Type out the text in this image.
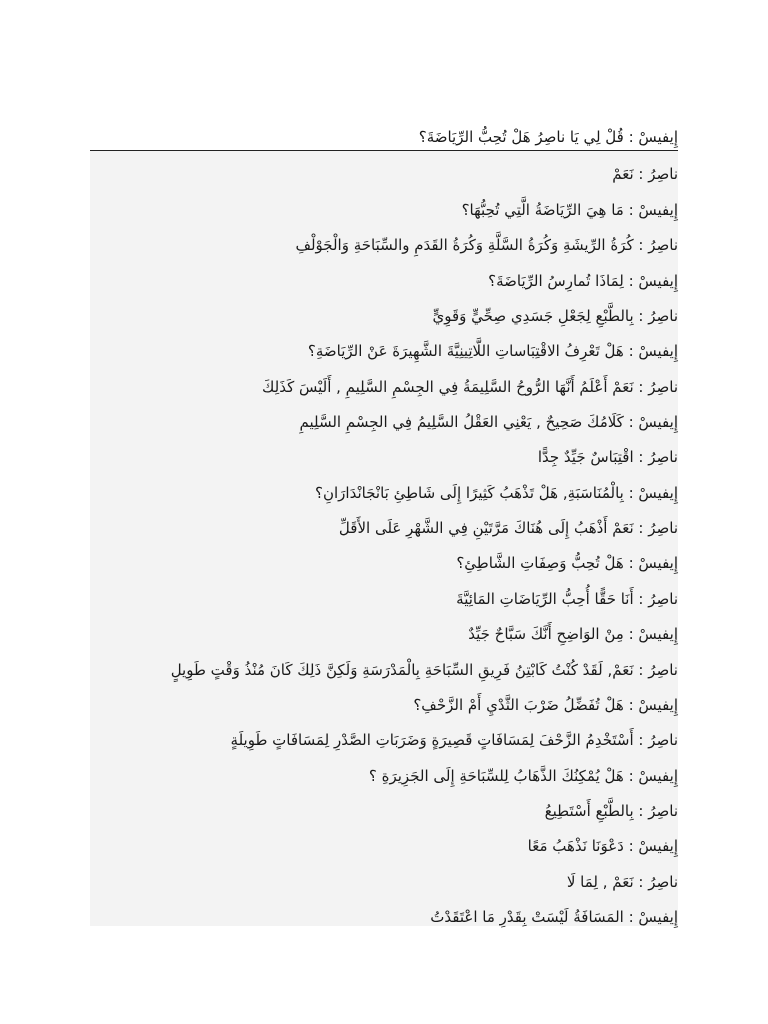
إِيفيسْ : قُلْ لِي يَا ناصِرُ هَلْ تُحِبُّ الرِّيَاضَةَ؟
ناصِرُ : نَعَمْ
إِيفيسْ : مَا هِيَ الرِّيَاضَةُ الَّتِي تُحِبُّهَا؟
ناصِرُ : كُرَةُ الرِّيشَةِ وَكُرَةُ السَّلَّةِ وَكُرَةُ القَدَمِ والسِّبَاحَةِ وَالْجَوْلْفِ
إِيفيسْ : لِمَاذَا تُمارِسُ الرِّيَاضَةَ؟
ناصِرُ : بِالطَّبْعِ لِجَعْلِ جَسَدِي صِحِّيٍّ وَقَوِيٍّ
إِيفيسْ : هَلْ تَعْرِفُ الاقْتِبَاساتِ اللَّاتِينِيَّةَ الشَّهِيرَةَ عَنْ الرِّيَاضَةِ؟
ناصِرُ : نَعَمْ أَعْلَمُ أَنَّهَا الرُّوحُ السَّلِيمَةُ فِي الجِسْمِ السَّلِيمِ , أَلَيْسَ كَذَلِكَ
إِيفيسْ : كَلَامُكَ صَحِيحٌ , يَعْنِي العَقْلُ السَّلِيمُ فِي الجِسْمِ السَّلِيمِ
ناصِرُ : اقْتِبَاسٌ جَيِّدٌ جِدًّا
إِيفيسْ : بِالْمُنَاسَبَةِ, هَلْ تَذْهَبُ كَثِيرًا إِلَى شَاطِئِ بَانْجَانْدَارَانِ؟
ناصِرُ : نَعَمْ أَذْهَبُ إِلَى هُنَاكَ مَرَّتَيْنِ فِي الشَّهْرِ عَلَى الأَقَلِّ
إِيفيسْ : هَلْ تُحِبُّ وَصِفَاتِ الشَّاطِئِ؟
ناصِرُ : أَنَا حَقًّا أُحِبُّ الرِّيَاضَاتِ المَائِيَّةَ
إِيفيسْ : مِنْ الوَاضِحِ أَنَّكَ سَبَّاحٌ جَيِّدٌ
ناصِرُ : نَعَمْ, لَقَدْ كُنْتُ كَابْتِنُ فَرِيقِ السِّبَاحَةِ بِالْمَدْرَسَةِ وَلَكِنَّ ذَلِكَ كَانَ مُنْذُ وَقْتٍ طَوِيلٍ
إِيفيسْ : هَلْ تُفَضِّلُ ضَرْبَ الثَّدْيِ أَمْ الزَّحْفِ؟
ناصِرُ : أَسْتَخْدِمُ الزَّحْفَ لِمَسَافَاتٍ قَصِيرَةٍ وَضَرَبَاتِ الصَّدْرِ لِمَسَافَاتٍ طَوِيلَةٍ
إِيفيسْ : هَلْ يُمْكِنُكَ الذَّهَابُ لِلسِّبَاحَةِ إِلَى الجَزِيرَةِ ؟
ناصِرُ : بِالطَّبْعِ أَسْتَطِيعُ
إِيفيسْ : دَعْوَنَا نَذْهَبُ مَعًا
ناصِرُ : نَعَمْ , لِمَا لَا
إِيفيسْ : المَسَافَةُ لَيْسَتْ بِقَدْرِ مَا اعْتَقَدْتُ
